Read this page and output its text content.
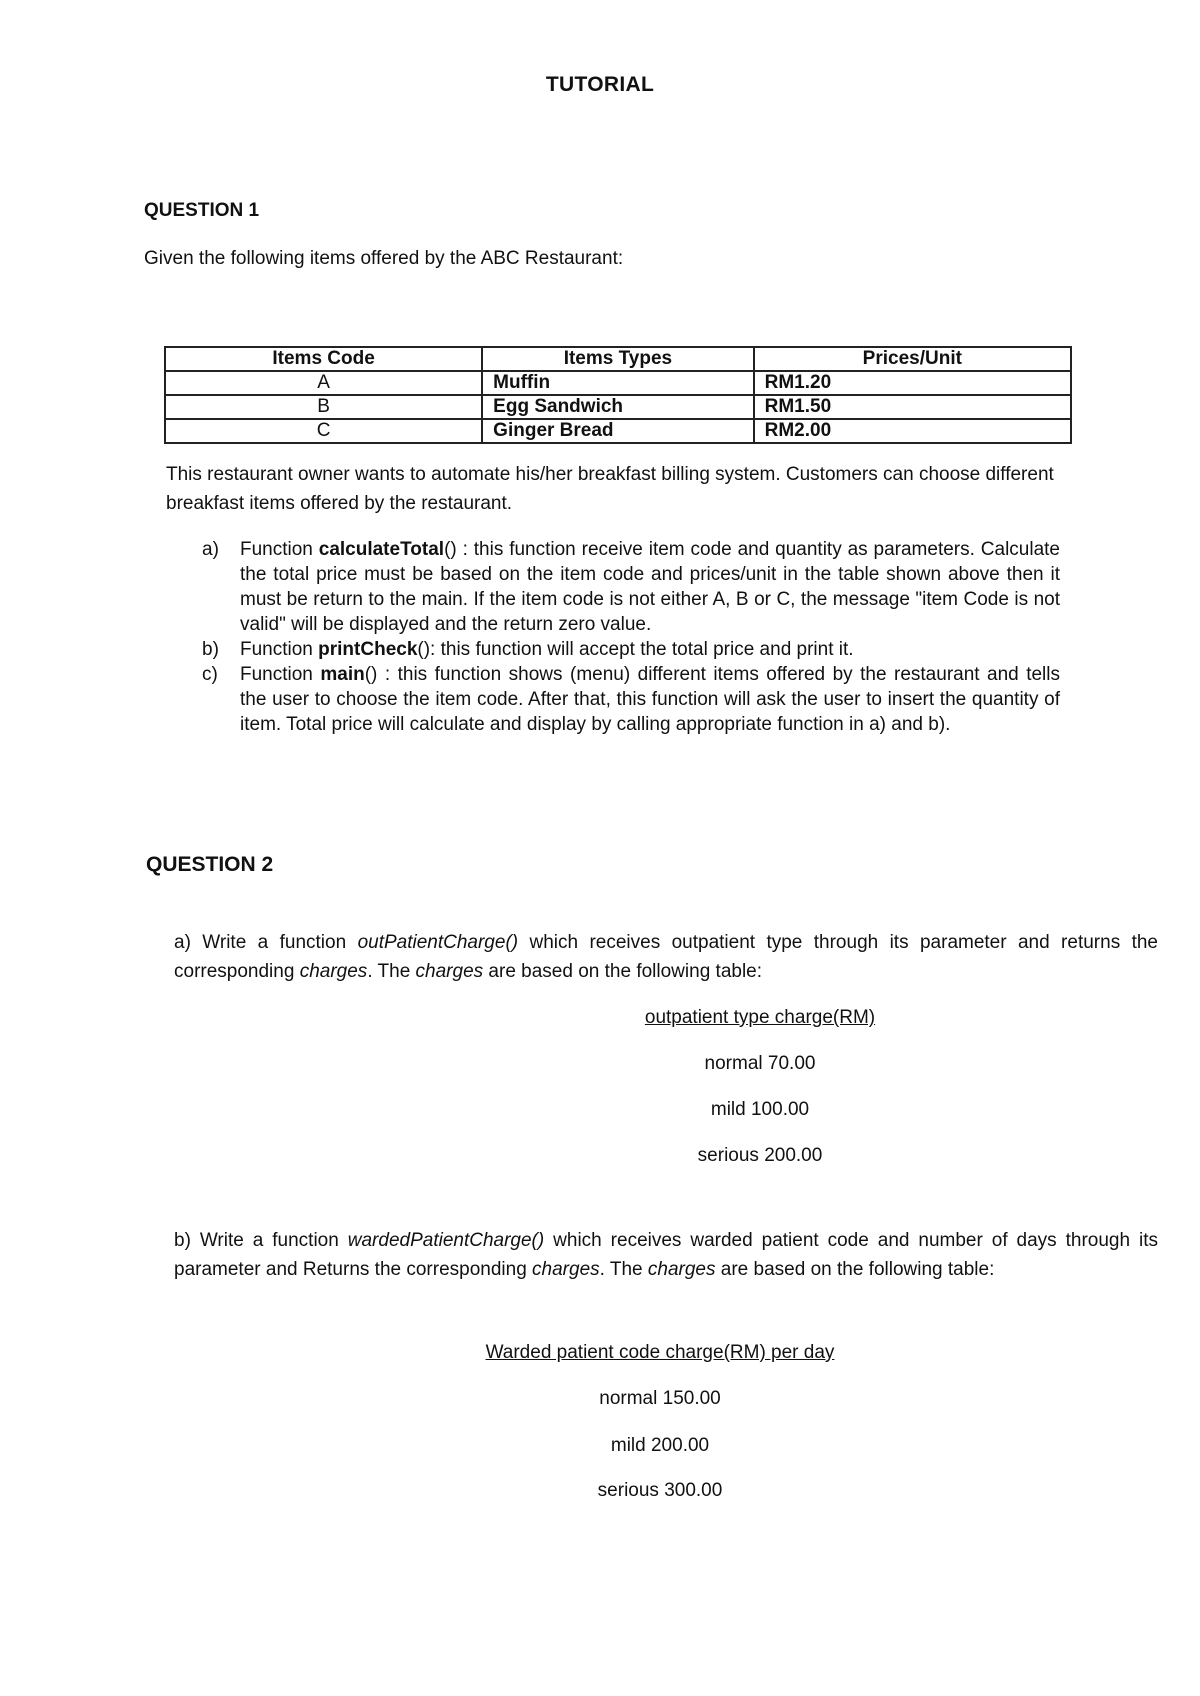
TUTORIAL
QUESTION 1
Given the following items offered by the ABC Restaurant:
Items Code	Items Types	Prices/Unit
A	Muffin	RM1.20
B	Egg Sandwich	RM1.50
C	Ginger Bread	RM2.00
This restaurant owner wants to automate his/her breakfast billing system. Customers can choose different breakfast items offered by the restaurant.
a) Function calculateTotal() : this function receive item code and quantity as parameters. Calculate the total price must be based on the item code and prices/unit in the table shown above then it must be return to the main. If the item code is not either A, B or C, the message "item Code is not valid" will be displayed and the return zero value.
b) Function printCheck(): this function will accept the total price and print it.
c) Function main() : this function shows (menu) different items offered by the restaurant and tells the user to choose the item code. After that, this function will ask the user to insert the quantity of item. Total price will calculate and display by calling appropriate function in a) and b).
QUESTION 2
a) Write a function outPatientCharge() which receives outpatient type through its parameter and returns the corresponding charges. The charges are based on the following table:
outpatient type charge(RM)
normal 70.00
mild 100.00
serious 200.00
b) Write a function wardedPatientCharge() which receives warded patient code and number of days through its parameter and Returns the corresponding charges. The charges are based on the following table:
Warded patient code charge(RM) per day
normal 150.00
mild 200.00
serious 300.00
